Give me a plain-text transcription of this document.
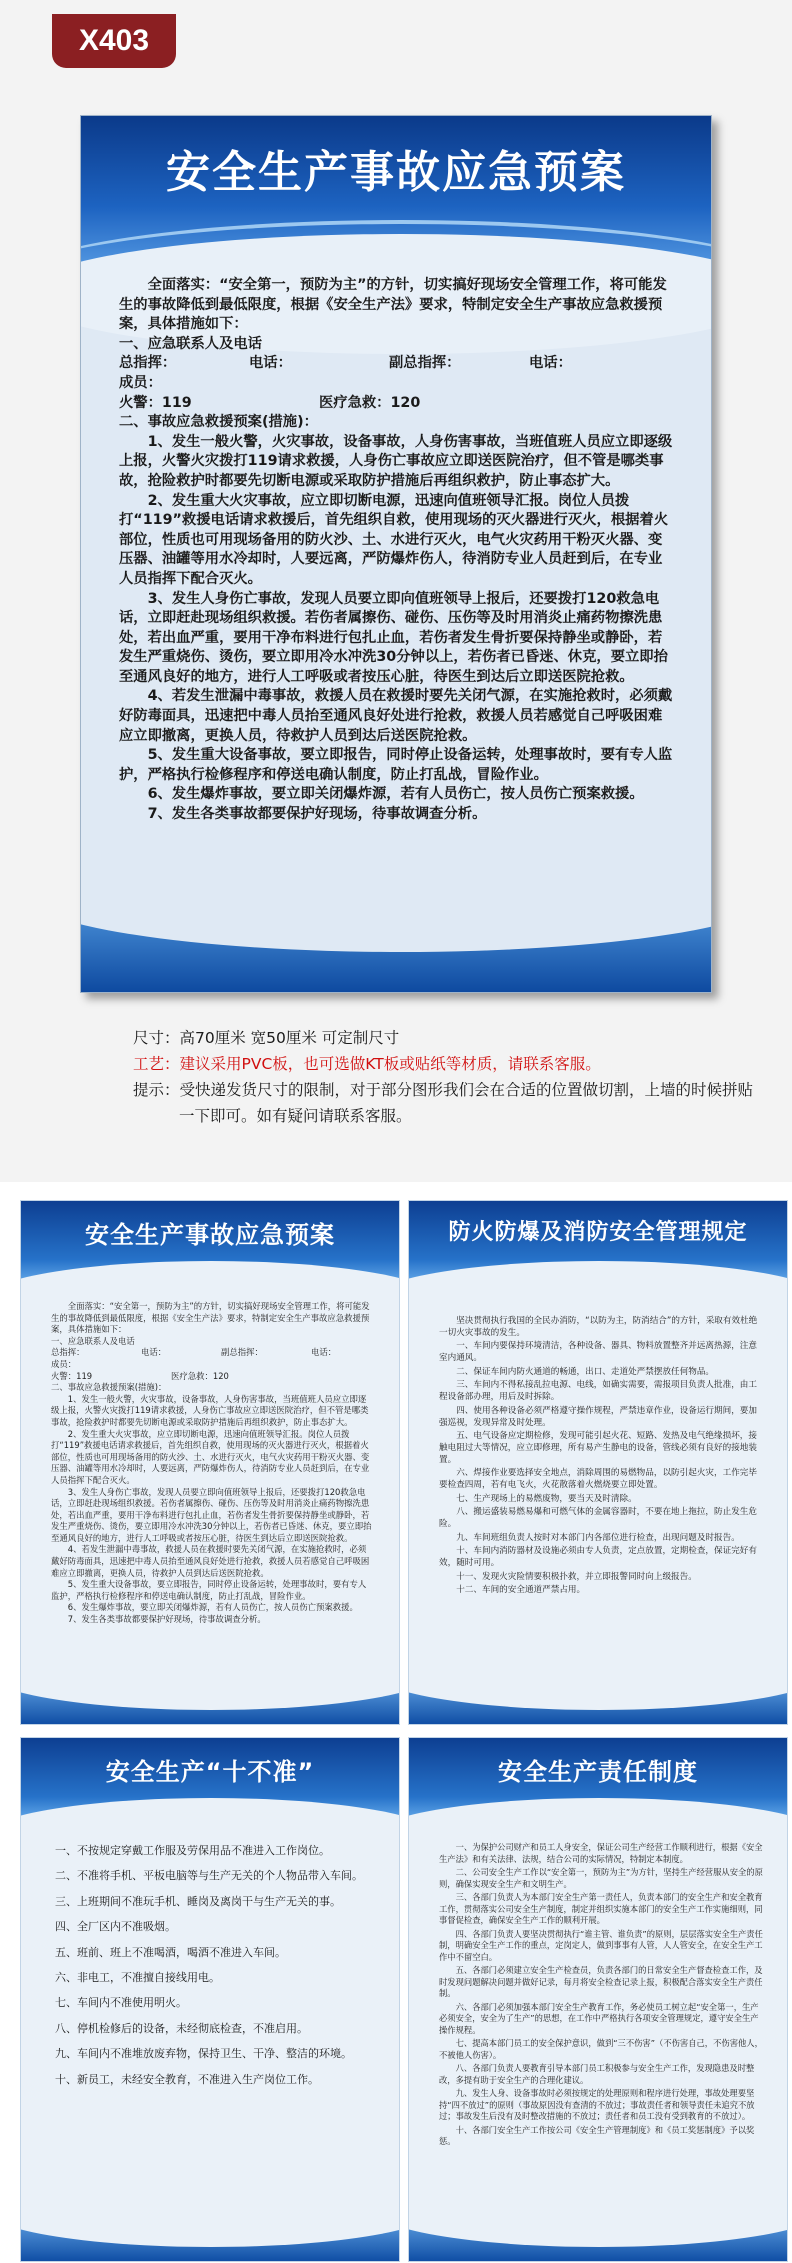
X403
安全生产事故应急预案

全面落实：“安全第一，预防为主”的方针，切实搞好现场安全管理工作，将可能发生的事故降低到最低限度，根据《安全生产法》要求，特制定安全生产事故应急救援预案，具体措施如下：

一、应急联系人及电话

总指挥：	电话：	副总指挥：	电话：

成员：

火警：119	医疗急救：120

二、事故应急救援预案(措施)：

1、发生一般火警，火灾事故，设备事故，人身伤害事故，当班值班人员应立即逐级上报，火警火灾拨打119请求救援，人身伤亡事故应立即送医院治疗，但不管是哪类事故，抢险救护时都要先切断电源或采取防护措施后再组织救护，防止事态扩大。

2、发生重大火灾事故，应立即切断电源，迅速向值班领导汇报。岗位人员拨打“119”救援电话请求救援后，首先组织自救，使用现场的灭火器进行灭火，根据着火部位，性质也可用现场备用的防火沙、土、水进行灭火，电气火灾药用干粉灭火器、变压器、油罐等用水冷却时，人要远离，严防爆炸伤人，待消防专业人员赶到后，在专业人员指挥下配合灭火。

3、发生人身伤亡事故，发现人员要立即向值班领导上报后，还要拨打120救急电话，立即赶赴现场组织救援。若伤者属擦伤、碰伤、压伤等及时用消炎止痛药物擦洗患处，若出血严重，要用干净布料进行包扎止血，若伤者发生骨折要保持静坐或静卧，若发生严重烧伤、烫伤，要立即用冷水冲洗30分钟以上，若伤者已昏迷、休克，要立即抬至通风良好的地方，进行人工呼吸或者按压心脏，待医生到达后立即送医院抢救。

4、若发生泄漏中毒事故，救援人员在救援时要先关闭气源，在实施抢救时，必须戴好防毒面具，迅速把中毒人员抬至通风良好处进行抢救，救援人员若感觉自己呼吸困难应立即撤离，更换人员，待救护人员到达后送医院抢救。

5、发生重大设备事故，要立即报告，同时停止设备运转，处理事故时，要有专人监护，严格执行检修程序和停送电确认制度，防止打乱战，冒险作业。

6、发生爆炸事故，要立即关闭爆炸源，若有人员伤亡，按人员伤亡预案救援。

7、发生各类事故都要保护好现场，待事故调查分析。

尺寸：高70厘米 宽50厘米 可定制尺寸

工艺：建议采用PVC板，也可选做KT板或贴纸等材质，请联系客服。

提示：受快递发货尺寸的限制，对于部分图形我们会在合适的位置做切割，上墙的时候拼贴一下即可。如有疑问请联系客服。

安全生产事故应急预案

全面落实：“安全第一，预防为主”的方针，切实搞好现场安全管理工作，将可能发生的事故降低到最低限度，根据《安全生产法》要求，特制定安全生产事故应急救援预案，具体措施如下：

一、应急联系人及电话

总指挥：	电话：	副总指挥：	电话：

成员：

火警：119	医疗急救：120

二、事故应急救援预案(措施)：

1、发生一般火警，火灾事故，设备事故，人身伤害事故，当班值班人员应立即逐级上报，火警火灾拨打119请求救援，人身伤亡事故应立即送医院治疗，但不管是哪类事故，抢险救护时都要先切断电源或采取防护措施后再组织救护，防止事态扩大。

2、发生重大火灾事故，应立即切断电源，迅速向值班领导汇报。岗位人员拨打“119”救援电话请求救援后，首先组织自救，使用现场的灭火器进行灭火，根据着火部位，性质也可用现场备用的防火沙、土、水进行灭火，电气火灾药用干粉灭火器、变压器、油罐等用水冷却时，人要远离，严防爆炸伤人，待消防专业人员赶到后，在专业人员指挥下配合灭火。

3、发生人身伤亡事故，发现人员要立即向值班领导上报后，还要拨打120救急电话，立即赶赴现场组织救援。若伤者属擦伤、碰伤、压伤等及时用消炎止痛药物擦洗患处，若出血严重，要用干净布料进行包扎止血，若伤者发生骨折要保持静坐或静卧，若发生严重烧伤、烫伤，要立即用冷水冲洗30分钟以上，若伤者已昏迷、休克，要立即抬至通风良好的地方，进行人工呼吸或者按压心脏，待医生到达后立即送医院抢救。

4、若发生泄漏中毒事故，救援人员在救援时要先关闭气源，在实施抢救时，必须戴好防毒面具，迅速把中毒人员抬至通风良好处进行抢救，救援人员若感觉自己呼吸困难应立即撤离，更换人员，待救护人员到达后送医院抢救。

5、发生重大设备事故，要立即报告，同时停止设备运转，处理事故时，要有专人监护，严格执行检修程序和停送电确认制度，防止打乱战，冒险作业。

6、发生爆炸事故，要立即关闭爆炸源，若有人员伤亡，按人员伤亡预案救援。

7、发生各类事故都要保护好现场，待事故调查分析。

防火防爆及消防安全管理规定

坚决贯彻执行我国的全民办消防，“以防为主，防消结合”的方针，采取有效杜绝一切火灾事故的发生。

一、车间内要保持环境清洁，各种设备、器具、物料放置整齐并远离热源，注意室内通风。

二、保证车间内防火通道的畅通，出口、走道处严禁摆放任何物品。

三、车间内不得私接乱拉电源、电线，如确实需要，需报项目负责人批准，由工程设备部办理，用后及时拆除。

四、使用各种设备必须严格遵守操作规程，严禁违章作业，设备运行期间，要加强巡视，发现异常及时处理。

五、电气设备应定期检修，发现可能引起火花、短路、发热及电气绝缘损坏，接触电阻过大等情况，应立即修理，所有易产生静电的设备，管线必须有良好的接地装置。

六、焊接作业要选择安全地点，消除周围的易燃物品，以防引起火灾，工作完毕要检查四周，若有电飞火，火花散落着火燃烧要立即处置。

七、生产现场上的易燃废物，要当天及时清除。

八、搬运盛装易燃易爆和可燃气体的金属容器时，不要在地上拖拉，防止发生危险。

九、车间班组负责人按时对本部门内各部位进行检查，出现问题及时报告。

十、车间内消防器材及设施必须由专人负责，定点放置，定期检查，保证完好有效，随时可用。

十一、发现火灾险情要积极扑救，并立即报警同时向上级报告。

十二、车间的安全通道严禁占用。

安全生产“十不准”

一、不按规定穿戴工作服及劳保用品不准进入工作岗位。

二、不准将手机、平板电脑等与生产无关的个人物品带入车间。

三、上班期间不准玩手机、睡岗及离岗干与生产无关的事。

四、全厂区内不准吸烟。

五、班前、班上不准喝酒，喝酒不准进入车间。

六、非电工，不准擅自接线用电。

七、车间内不准使用明火。

八、停机检修后的设备，未经彻底检查，不准启用。

九、车间内不准堆放废弃物，保持卫生、干净、整洁的环境。

十、新员工，未经安全教育，不准进入生产岗位工作。

安全生产责任制度

一、为保护公司财产和员工人身安全，保证公司生产经营工作顺利进行，根据《安全生产法》和有关法律、法规，结合公司的实际情况，特制定本制度。

二、公司安全生产工作以“安全第一，预防为主”为方针，坚持生产经营服从安全的原则，确保实现安全生产和文明生产。

三、各部门负责人为本部门安全生产第一责任人，负责本部门的安全生产和安全教育工作，贯彻落实公司安全生产制度，制定并组织实施本部门的安全生产工作实施细则，同事督促检查，确保安全生产工作的顺利开展。

四、各部门负责人要坚决贯彻执行“谁主管、谁负责”的原则，层层落实安全生产责任制，明确安全生产工作的重点，定岗定人，做到事事有人管，人人管安全，在安全生产工作中不留空白。

五、各部门必须建立安全生产检查员，负责各部门的日常安全生产督查检查工作，及时发现问题解决问题并做好记录，每月将安全检查记录上报，积极配合落实安全生产责任制。

六、各部门必须加强本部门安全生产教育工作，务必使员工树立起“安全第一，生产必须安全，安全为了生产”的思想，在工作中严格执行各项安全管理规定，遵守安全生产操作规程。

七、提高本部门员工的安全保护意识，做到“三不伤害”（不伤害自己，不伤害他人，不被他人伤害）。

八、各部门负责人要教育引导本部门员工积极参与安全生产工作，发现隐患及时整改，多提有助于安全生产的合理化建议。

九、发生人身、设备事故时必须按规定的处理原则和程序进行处理，事故处理要坚持“四不放过”的原则（事故原因没有查清的不放过；事故责任者和领导责任未追究不放过；事故发生后没有及时整改措施的不放过；责任者和员工没有受到教育的不放过）。

十、各部门安全生产工作按公司《安全生产管理制度》和《员工奖惩制度》予以奖惩。
